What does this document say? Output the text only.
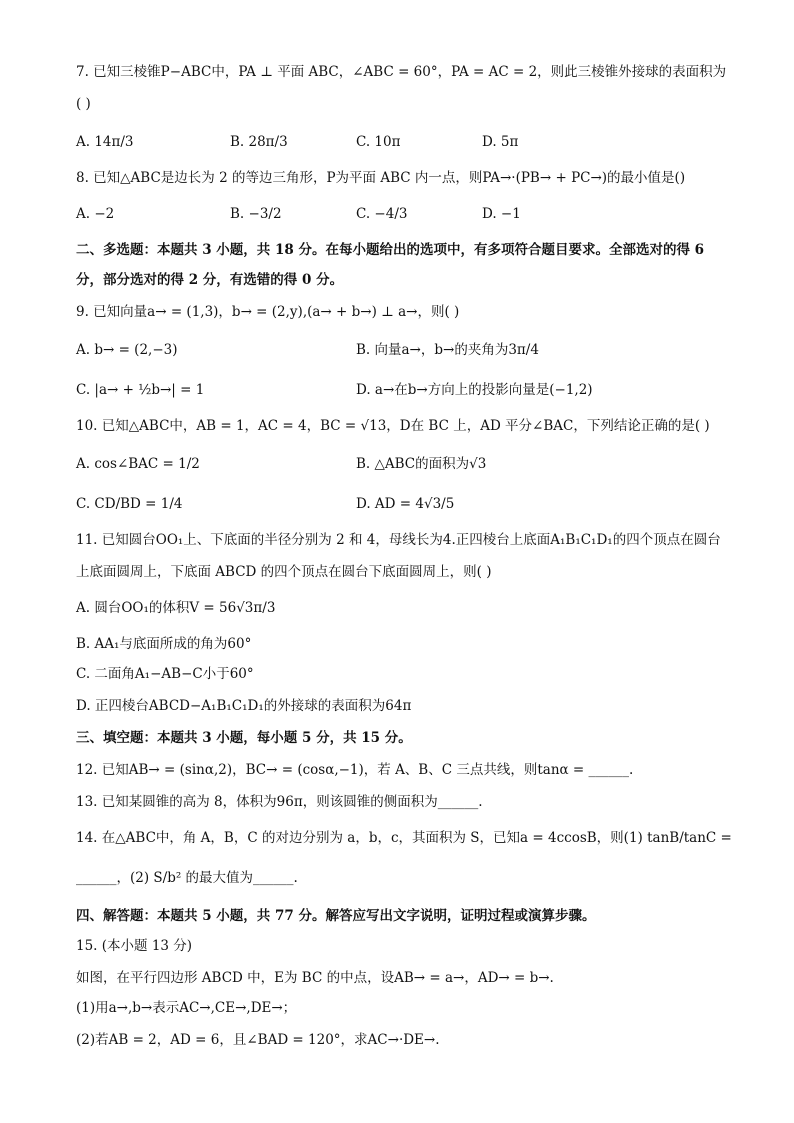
7. 已知三棱锥P−ABC中，PA ⊥ 平面 ABC，∠ABC = 60°，PA = AC = 2，则此三棱锥外接球的表面积为
( )
A. 14π/3	B. 28π/3	C. 10π	D. 5π
8. 已知△ABC是边长为 2 的等边三角形，P为平面 ABC 内一点，则PA→·(PB→ + PC→)的最小值是()
A. −2	B. −3/2	C. −4/3	D. −1
二、多选题：本题共 3 小题，共 18 分。在每小题给出的选项中，有多项符合题目要求。全部选对的得 6
分，部分选对的得 2 分，有选错的得 0 分。
9. 已知向量a→ = (1,3)，b→ = (2,y),(a→ + b→) ⊥ a→，则( )
A. b→ = (2,−3)	B. 向量a→，b→的夹角为3π/4
C. |a→ + ½b→| = 1	D. a→在b→方向上的投影向量是(−1,2)
10. 已知△ABC中，AB = 1，AC = 4，BC = √13，D在 BC 上，AD 平分∠BAC，下列结论正确的是( )
A. cos∠BAC = 1/2	B. △ABC的面积为√3
C. CD/BD = 1/4	D. AD = 4√3/5
11. 已知圆台OO₁上、下底面的半径分别为 2 和 4，母线长为4.正四棱台上底面A₁B₁C₁D₁的四个顶点在圆台
上底面圆周上，下底面 ABCD 的四个顶点在圆台下底面圆周上，则( )
A. 圆台OO₁的体积V = 56√3π/3
B. AA₁与底面所成的角为60°
C. 二面角A₁−AB−C小于60°
D. 正四棱台ABCD−A₁B₁C₁D₁的外接球的表面积为64π
三、填空题：本题共 3 小题，每小题 5 分，共 15 分。
12. 已知AB→ = (sinα,2)，BC→ = (cosα,−1)，若 A、B、C 三点共线，则tanα = ______.
13. 已知某圆锥的高为 8，体积为96π，则该圆锥的侧面积为______.
14. 在△ABC中，角 A，B，C 的对边分别为 a，b，c，其面积为 S，已知a = 4ccosB，则(1) tanB/tanC =
______，(2) S/b² 的最大值为______.
四、解答题：本题共 5 小题，共 77 分。解答应写出文字说明，证明过程或演算步骤。
15. (本小题 13 分)
如图，在平行四边形 ABCD 中，E为 BC 的中点，设AB→ = a→，AD→ = b→.
(1)用a→,b→表示AC→,CE→,DE→；
(2)若AB = 2，AD = 6，且∠BAD = 120°，求AC→·DE→.
